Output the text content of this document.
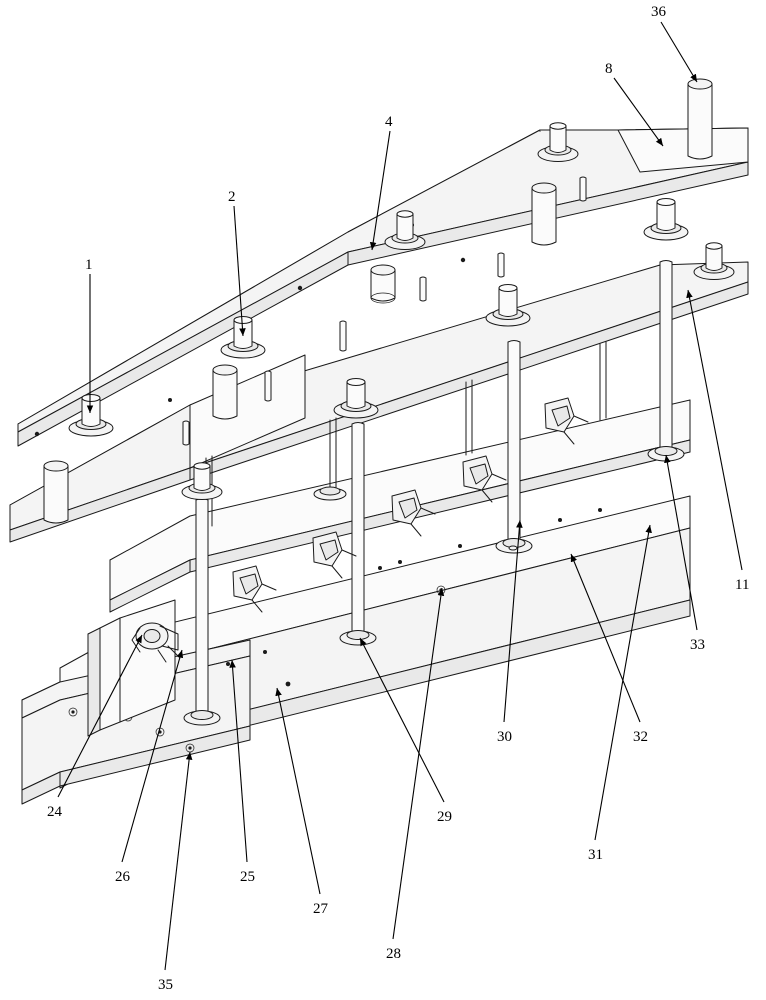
36
8
4
2
1
11
33
32
30
31
29
28
35
27
25
26
24
